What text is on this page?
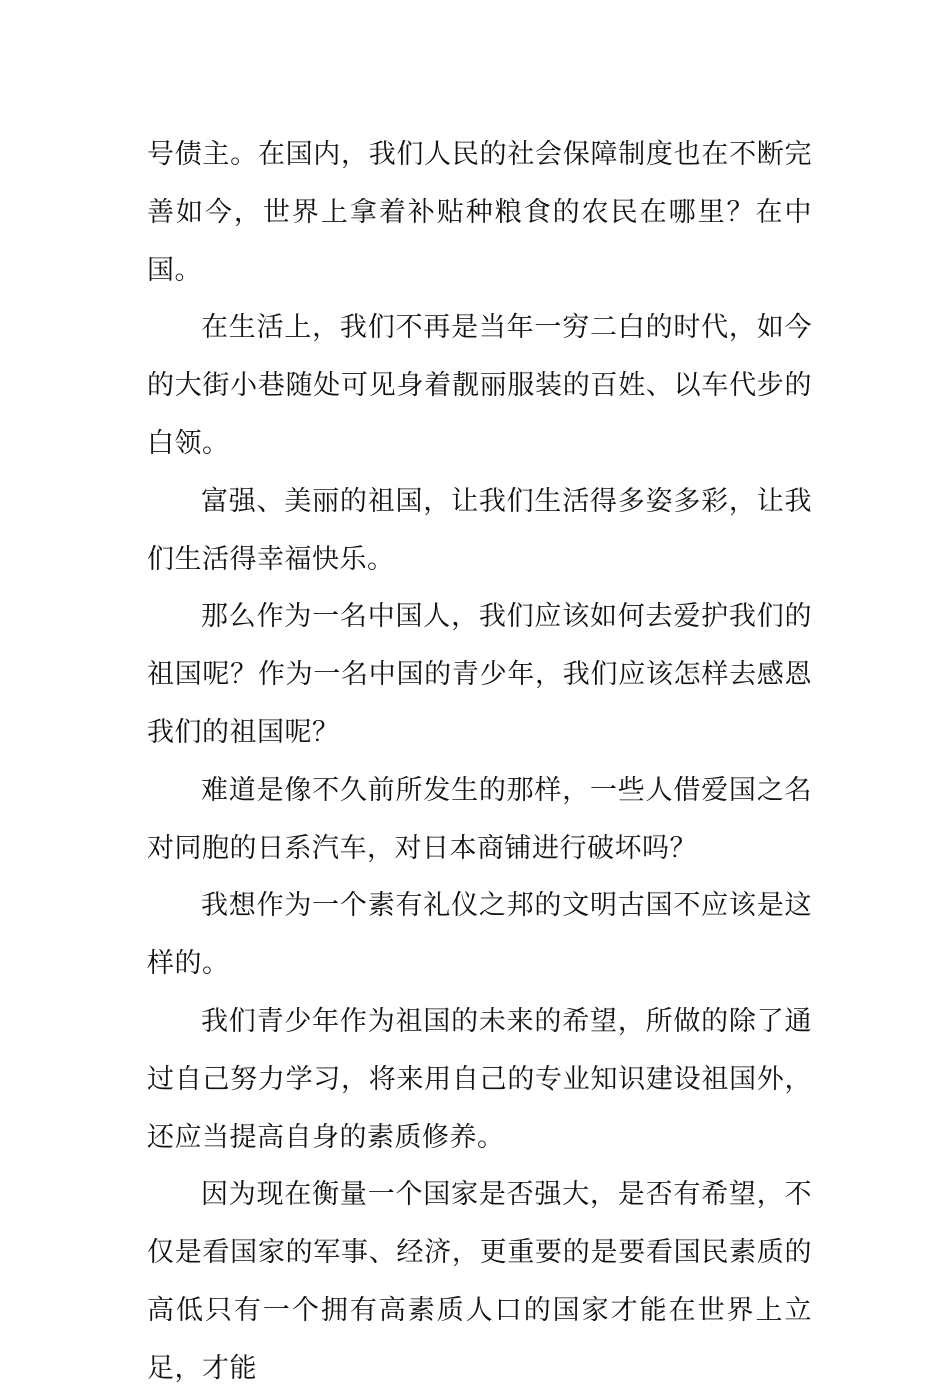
号债主。在国内，我们人民的社会保障制度也在不断完善如今，世界上拿着补贴种粮食的农民在哪里？在中国。

在生活上，我们不再是当年一穷二白的时代，如今的大街小巷随处可见身着靓丽服装的百姓、以车代步的白领。

富强、美丽的祖国，让我们生活得多姿多彩，让我们生活得幸福快乐。

那么作为一名中国人，我们应该如何去爱护我们的祖国呢？作为一名中国的青少年，我们应该怎样去感恩我们的祖国呢？

难道是像不久前所发生的那样，一些人借爱国之名对同胞的日系汽车，对日本商铺进行破坏吗？

我想作为一个素有礼仪之邦的文明古国不应该是这样的。

我们青少年作为祖国的未来的希望，所做的除了通过自己努力学习，将来用自己的专业知识建设祖国外，还应当提高自身的素质修养。

因为现在衡量一个国家是否强大，是否有希望，不仅是看国家的军事、经济，更重要的是要看国民素质的高低只有一个拥有高素质人口的国家才能在世界上立足，才能
